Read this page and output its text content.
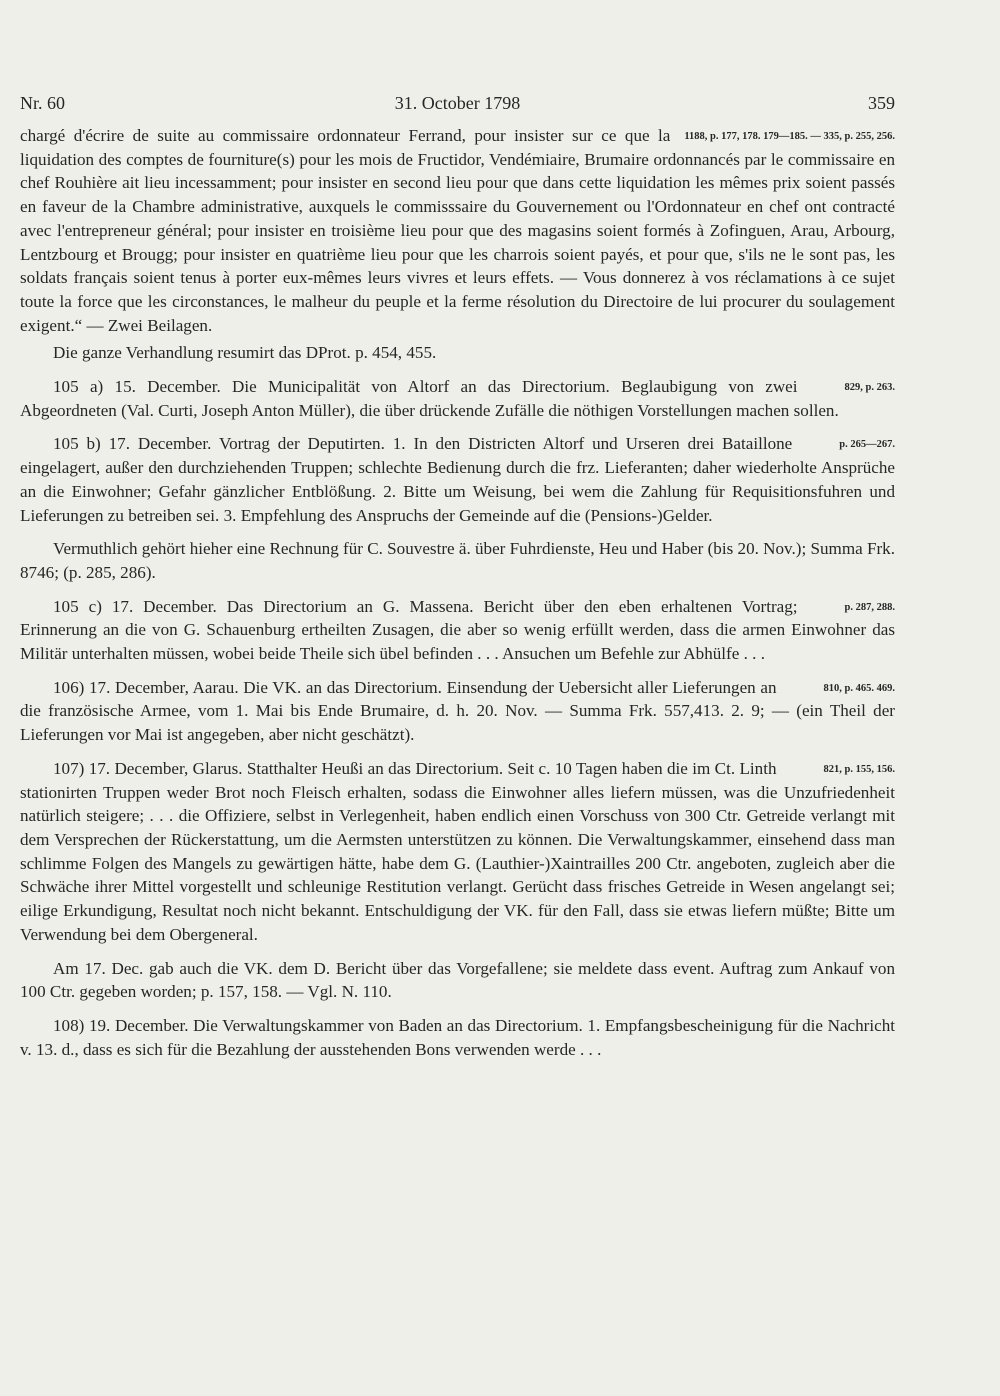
Nr. 60	31. October 1798	359

1188, p. 177, 178. 179—185. — 335, p. 255, 256.
chargé d'écrire de suite au commissaire ordonnateur Ferrand, pour insister sur ce que la liquidation des comptes de fourniture(s) pour les mois de Fructidor, Vendémiaire, Brumaire ordonnancés par le commissaire en chef Rouhière ait lieu incessamment; pour insister en second lieu pour que dans cette liquidation les mêmes prix soient passés en faveur de la Chambre administrative, auxquels le commisssaire du Gouvernement ou l'Ordonnateur en chef ont contracté avec l'entrepreneur général; pour insister en troisième lieu pour que des magasins soient formés à Zofinguen, Arau, Arbourg, Lentzbourg et Brougg; pour insister en quatrième lieu pour que les charrois soient payés, et pour que, s'ils ne le sont pas, les soldats français soient tenus à porter eux-mêmes leurs vivres et leurs effets. — Vous donnerez à vos réclamations à ce sujet toute la force que les circonstances, le malheur du peuple et la ferme résolution du Directoire de lui procurer du soulagement exigent.“ — Zwei Beilagen.

Die ganze Verhandlung resumirt das DProt. p. 454, 455.

829, p. 263.
105 a) 15. December. Die Municipalität von Altorf an das Directorium. Beglaubigung von zwei Abgeordneten (Val. Curti, Joseph Anton Müller), die über drückende Zufälle die nöthigen Vorstellungen machen sollen.

p. 265—267.
105 b) 17. December. Vortrag der Deputirten. 1. In den Districten Altorf und Urseren drei Bataillone eingelagert, außer den durchziehenden Truppen; schlechte Bedienung durch die frz. Lieferanten; daher wiederholte Ansprüche an die Einwohner; Gefahr gänzlicher Entblößung. 2. Bitte um Weisung, bei wem die Zahlung für Requisitionsfuhren und Lieferungen zu betreiben sei. 3. Empfehlung des Anspruchs der Gemeinde auf die (Pensions-)Gelder.

Vermuthlich gehört hieher eine Rechnung für C. Souvestre ä. über Fuhrdienste, Heu und Haber (bis 20. Nov.); Summa Frk. 8746; (p. 285, 286).

p. 287, 288.
105 c) 17. December. Das Directorium an G. Massena. Bericht über den eben erhaltenen Vortrag; Erinnerung an die von G. Schauenburg ertheilten Zusagen, die aber so wenig erfüllt werden, dass die armen Einwohner das Militär unterhalten müssen, wobei beide Theile sich übel befinden . . . Ansuchen um Befehle zur Abhülfe . . .

810, p. 465. 469.
106) 17. December, Aarau. Die VK. an das Directorium. Einsendung der Uebersicht aller Lieferungen an die französische Armee, vom 1. Mai bis Ende Brumaire, d. h. 20. Nov. — Summa Frk. 557,413. 2. 9; — (ein Theil der Lieferungen vor Mai ist angegeben, aber nicht geschätzt).

821, p. 155, 156.
107) 17. December, Glarus. Statthalter Heußi an das Directorium. Seit c. 10 Tagen haben die im Ct. Linth stationirten Truppen weder Brot noch Fleisch erhalten, sodass die Einwohner alles liefern müssen, was die Unzufriedenheit natürlich steigere; . . . die Offiziere, selbst in Verlegenheit, haben endlich einen Vorschuss von 300 Ctr. Getreide verlangt mit dem Versprechen der Rückerstattung, um die Aermsten unterstützen zu können. Die Verwaltungskammer, einsehend dass man schlimme Folgen des Mangels zu gewärtigen hätte, habe dem G. (Lauthier-)Xaintrailles 200 Ctr. angeboten, zugleich aber die Schwäche ihrer Mittel vorgestellt und schleunige Restitution verlangt. Gerücht dass frisches Getreide in Wesen angelangt sei; eilige Erkundigung, Resultat noch nicht bekannt. Entschuldigung der VK. für den Fall, dass sie etwas liefern müßte; Bitte um Verwendung bei dem Obergeneral.

Am 17. Dec. gab auch die VK. dem D. Bericht über das Vorgefallene; sie meldete dass event. Auftrag zum Ankauf von 100 Ctr. gegeben worden; p. 157, 158. — Vgl. N. 110.

108) 19. December. Die Verwaltungskammer von Baden an das Directorium. 1. Empfangsbescheinigung für die Nachricht v. 13. d., dass es sich für die Bezahlung der ausstehenden Bons verwenden werde . . .
